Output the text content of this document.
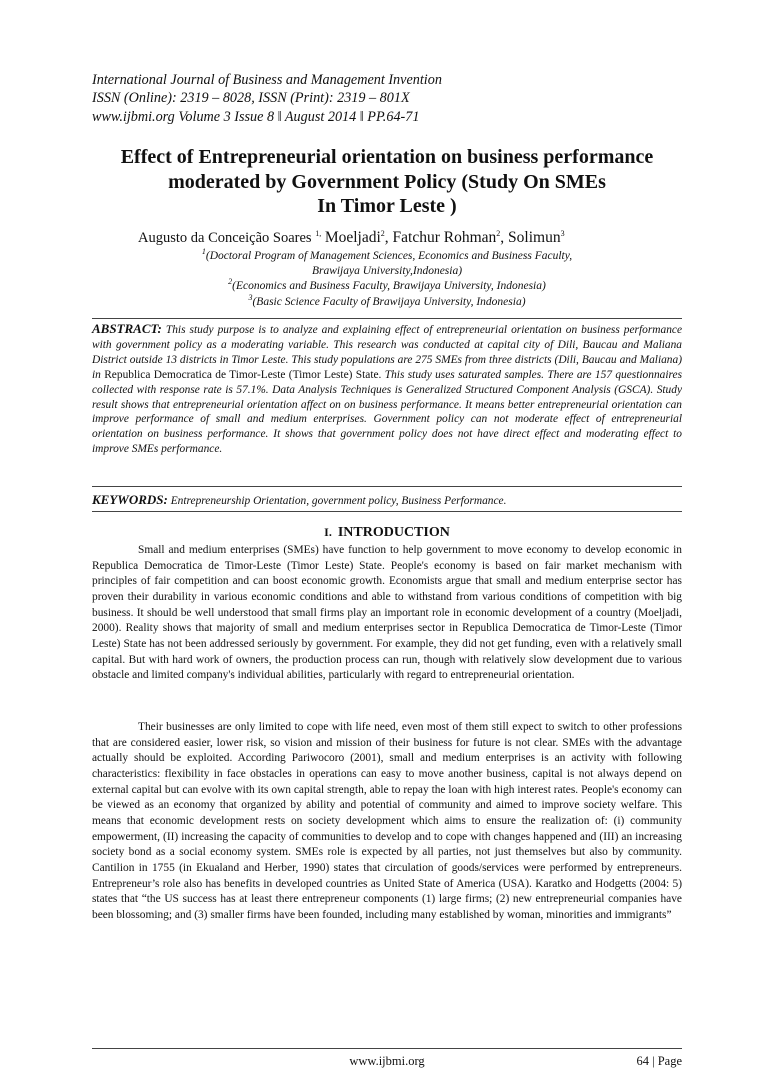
International Journal of Business and Management Invention
ISSN (Online): 2319 – 8028, ISSN (Print): 2319 – 801X
www.ijbmi.org Volume 3 Issue 8 ǁ August 2014 ǁ PP.64-71
Effect of Entrepreneurial orientation on business performance
moderated by Government Policy (Study On SMEs
In Timor Leste )
Augusto da Conceição Soares $^{1,}$ Moeljadi$^2$, Fatchur Rohman$^2$, Solimun$^3$
$^1$(Doctoral Program of Management Sciences, Economics and Business Faculty,
Brawijaya University,Indonesia)
$^2$(Economics and Business Faculty, Brawijaya University, Indonesia)
$^3$(Basic Science Faculty of Brawijaya University, Indonesia)
ABSTRACT: This study purpose is to analyze and explaining effect of entrepreneurial orientation on business performance with government policy as a moderating variable. This research was conducted at capital city of Dili, Baucau and Maliana District outside 13 districts in Timor Leste. This study populations are 275 SMEs from three districts (Dili, Baucau and Maliana) in Republica Democratica de Timor-Leste (Timor Leste) State. This study uses saturated samples. There are 157 questionnaires collected with response rate is 57.1%. Data Analysis Techniques is Generalized Structured Component Analysis (GSCA). Study result shows that entrepreneurial orientation affect on on business performance. It means better entrepreneurial orientation can improve performance of small and medium enterprises. Government policy can not moderate effect of entrepreneurial orientation on business performance. It shows that government policy does not have direct effect and moderating effect to improve SMEs performance.
KEYWORDS: Entrepreneurship Orientation, government policy, Business Performance.
I. INTRODUCTION

Small and medium enterprises (SMEs) have function to help government to move economy to develop economic in Republica Democratica de Timor-Leste (Timor Leste) State. People's economy is based on fair market mechanism with principles of fair competition and can boost economic growth. Economists argue that small and medium enterprise sector has proven their durability in various economic conditions and able to withstand from various conditions of competition with big business. It should be well understood that small firms play an important role in economic development of a country (Moeljadi, 2000). Reality shows that majority of small and medium enterprises sector in Republica Democratica de Timor-Leste (Timor Leste) State has not been addressed seriously by government. For example, they did not get funding, even with a relatively small capital. But with hard work of owners, the production process can run, though with relatively slow development due to various obstacle and limited company's individual abilities, particularly with regard to entrepreneurial orientation.

Their businesses are only limited to cope with life need, even most of them still expect to switch to other professions that are considered easier, lower risk, so vision and mission of their business for future is not clear. SMEs with the advantage actually should be exploited. According Pariwocoro (2001), small and medium enterprises is an activity with following characteristics: flexibility in face obstacles in operations can easy to move another business, capital is not always depend on external capital but can evolve with its own capital strength, able to repay the loan with high interest rates. People's economy can be viewed as an economy that organized by ability and potential of community and aimed to improve society welfare. This means that economic development rests on society development which aims to ensure the realization of: (i) community empowerment, (II) increasing the capacity of communities to develop and to cope with changes happened and (III) an increasing society bond as a social economy system. SMEs role is expected by all parties, not just themselves but also by community. Cantilion in 1755 (in Ekualand and Herber, 1990) states that circulation of goods/services were performed by entrepreneurs. Entrepreneur’s role also has benefits in developed countries as United State of America (USA). Karatko and Hodgetts (2004: 5) states that “the US success has at least there entrepreneur components (1) large firms; (2) new entrepreneurial companies have been blossoming; and (3) smaller firms have been founded, including many established by woman, minorities and immigrants”

www.ijbmi.org	64 | Page
